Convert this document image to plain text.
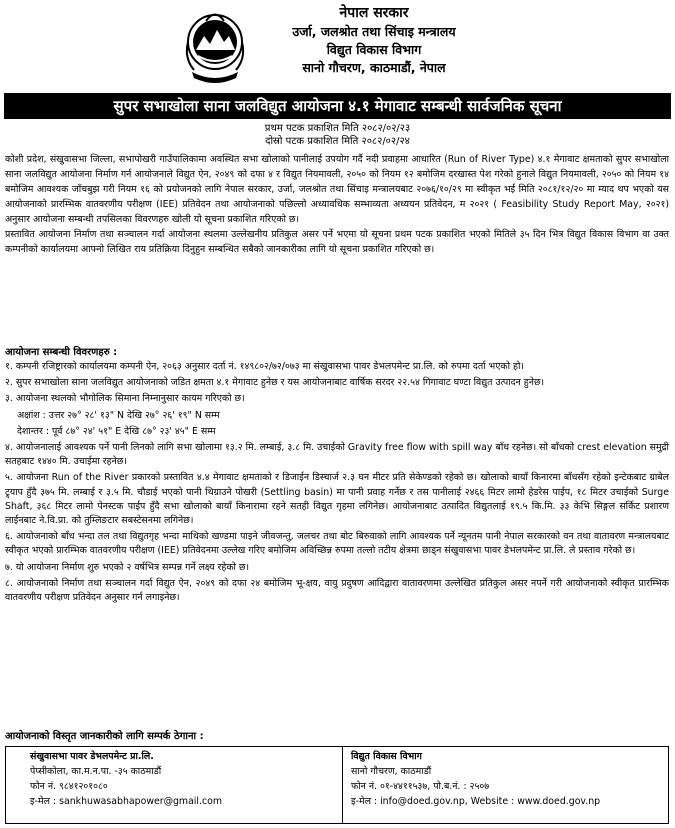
नेपाल सरकार
उर्जा, जलश्रोत तथा सिंचाइ मन्त्रालय
विद्युत विकास विभाग
सानो गौचरण, काठमाडौं, नेपाल
सुपर सभाखोला साना जलविद्युत आयोजना ४.१ मेगावाट सम्बन्धी सार्वजनिक सूचना
प्रथम पटक प्रकाशित मिति २०८२/०२/२३
दोस्रो पटक प्रकाशित मिति २०८२/०२/२४

कोशी प्रदेश, संखुवासभा जिल्ला, सभापोखरी गाउँपालिकामा अवस्थित सभा खोलाको पानीलाई उपयोग गर्दै नदी प्रवाहमा आधारित (Run of River Type) ४.१ मेगावाट क्षमताको सुपर सभाखोला साना जलविद्युत आयोजना निर्माण गर्न आयोजनाले विद्युत ऐन, २०४९ को दफा ४ र विद्युत नियमावली, २०५० को नियम १२ बमोजिम दरखास्त पेश गरेको हुनाले विद्युत नियमावली, २०५० को नियम १४ बमोजिम आवश्यक जाँचबुझ गरी नियम १६ को प्रयोजनको लागि नेपाल सरकार, उर्जा, जलश्रोत तथा सिंचाइ मन्त्रालयबाट २०७६/१०/२९ मा स्वीकृत भई मिति २०८१/१२/२० मा म्याद थप भएको यस आयोजनाको प्रारम्भिक वातवरणीय परीक्षण (IEE) प्रतिवेदन तथा आयोजनाको पछिल्लो अध्यावधिक सम्भाव्यता अध्ययन प्रतिवेदन, म २०२१ ( Feasibility Study Report May, २०२१) अनुसार आयोजना सम्बन्धी तपसिलका विवरणहरु खोली यो सूचना प्रकाशित गरिएको छ।

प्रस्तावित आयोजना निर्माण तथा सञ्चालन गर्दा आयोजना स्थलमा उल्लेखनीय प्रतिकुल असर पर्ने भएमा यो सूचना प्रथम पटक प्रकाशित भएको मितिले ३५ दिन भित्र विद्युत विकास विभाग वा उक्त कम्पनीको कार्यालयमा आफ्नो लिखित राय प्रतिक्रिया दिनुहुन सम्बन्धित सबैको जानकारीका लागि यो सूचना प्रकाशित गरिएको छ।

आयोजना सम्बन्धी विवरणहरु :

१. कम्पनी रजिष्ट्रारको कार्यालयमा कम्पनी ऐन, २०६३ अनुसार दर्ता नं. १४९८०२/७२/०७३ मा संखुवासभा पावर डेभलपमेन्ट प्रा.लि. को रुपमा दर्ता भएको हो।

२. सुपर सभाखोला साना जलविद्युत आयोजनाको जडित क्षमता ४.१ मेगावाट हुनेछ र यस आयोजनाबाट वार्षिक सरदर २२.५४ गिगावाट घण्टा विद्युत उत्पादन हुनेछ।

३. आयोजना स्थलको भौगोलिक सिमाना निम्नानुसार कायम गरिएको छ।

अक्षांश : उत्तर २७° २८' १३" N देखि २७° २६' १९" N सम्म

देशान्तर : पूर्व ८७° २४' ५१" E देखि ८७° २३' ४५" E सम्म

४. आयोजनालाई आवश्यक पर्ने पानी लिनको लागि सभा खोलामा १३.२ मि. लम्बाई, ३.८ मि. उचाईको Gravity free flow with spill way बाँध रहनेछ। सो बाँधको crest elevation समुद्री सतहबाट १४४० मि. उचाईमा रहनेछ।

५. आयोजना Run of the River प्रकारको प्रस्तावित ४.४ मेगावाट क्षमताको र डिजाईन डिस्चार्ज २.३ घन मीटर प्रति सेकेण्डको रहेको छ। खोलाको बायाँ किनारमा बाँधसँग रहेको इन्टेकबाट ग्राबेल ट्र्याप हुँदै ३७५ मि. लम्बाई र ३.५ मि. चौडाई भएको पानी थिग्राउने पोखरी (Settling basin) मा पानी प्रवाह गर्नेछ र तस पानीलाई २४६६ मिटर लामो हेडरेस पाईप, १८ मिटर उचाईको Surge Shaft, ३६८ मिटर लामो पेनस्टक पाईप हुँदै सभा खोलाको बायाँ किनारामा रहने सतही विद्युत गृहमा लगिनेछ। आयोजनाबाट उत्पादित विद्युतलाई १९.५ कि.मि. ३३ केभि सिङ्गल सर्किट प्रशारण लाईनबाट ने.वि.प्रा. को तुम्लिङटार सबस्टेसनमा लगिनेछ।

६. आयोजनाको बाँध भन्दा तल तथा विद्युतगृह भन्दा माथिको खण्डमा पाइने जीवजन्तु, जलचर तथा बोट बिरुवाको लागि आवश्यक पर्ने न्यूनतम पानी नेपाल सरकारको वन तथा वातावरण मन्त्रालयबाट स्वीकृत भएको प्रारम्भिक वातवरणीय परीक्षण (IEE) प्रतिवेदनमा उल्लेख गरिए बमोजिम अविच्छिन्न रुपमा तल्लो तटीय क्षेत्रमा छाड्न संखुवासभा पावर डेभलपमेन्ट प्रा.लि. ले प्रस्ताव गरेको छ।

७. यो आयोजना निर्माण शुरु भएको २ वर्षभित्र सम्पन्न गर्ने लक्ष्य रहेको छ।

८. आयोजनाको निर्माण तथा सञ्चालन गर्दा विद्युत ऐन, २०४९ को दफा २४ बमोजिम भू-क्षय, वायु प्रदुषण आदिद्वारा वातावरणमा उल्लेखित प्रतिकुल असर नपर्ने गरी आयोजनाको स्वीकृत प्रारम्भिक वातवरणीय परीक्षण प्रतिवेदन अनुसार गर्न लगाइनेछ।

आयोजनाको विस्तृत जानकारीको लागि सम्पर्क ठेगाना :
संखुवासभा पावर डेभलपमेन्ट प्रा.लि.
पेप्सीकोला, का.म.न.पा. -३५ काठमाडौं
फोन नं. ९८४१२०१०८०
इ-मेल : sankhuwasabhapower@gmail.com
विद्युत विकास विभाग
सानो गौचरण, काठमाडौं
फोन नं. ०१-४४११५३७, पो.ब.नं. : २५०७
इ-मेल : info@doed.gov.np, Website : www.doed.gov.np
